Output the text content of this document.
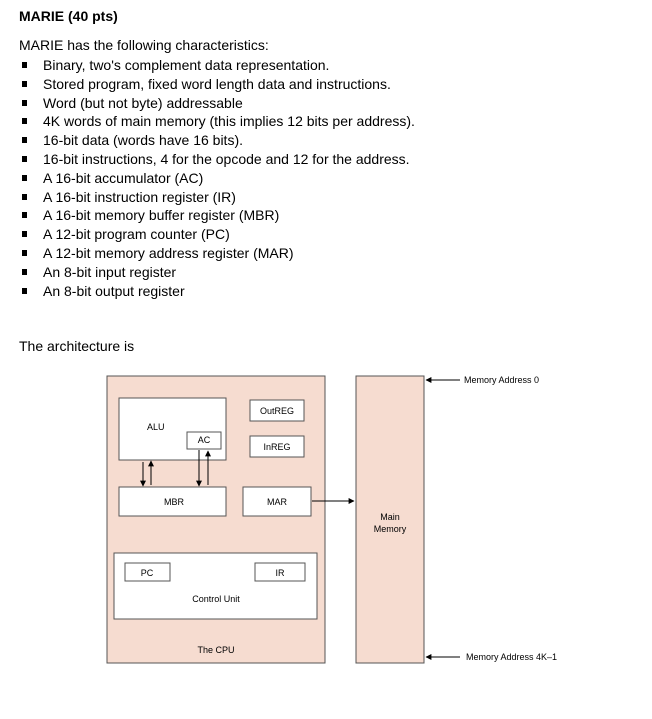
MARIE (40 pts)
MARIE has the following characteristics:
Binary, two's complement data representation.
Stored program, fixed word length data and instructions.
Word (but not byte) addressable
4K words of main memory (this implies 12 bits per address).
16-bit data (words have 16 bits).
16-bit instructions, 4 for the opcode and 12 for the address.
A 16-bit accumulator (AC)
A 16-bit instruction register (IR)
A 16-bit memory buffer register (MBR)
A 12-bit program counter (PC)
A 12-bit memory address register (MAR)
An 8-bit input register
An 8-bit output register
The architecture is
ALU
AC
OutREG
InREG
MBR	MAR
PC	IR
Control Unit
The CPU
Main
Memory
Memory Address 0
Memory Address 4K–1
